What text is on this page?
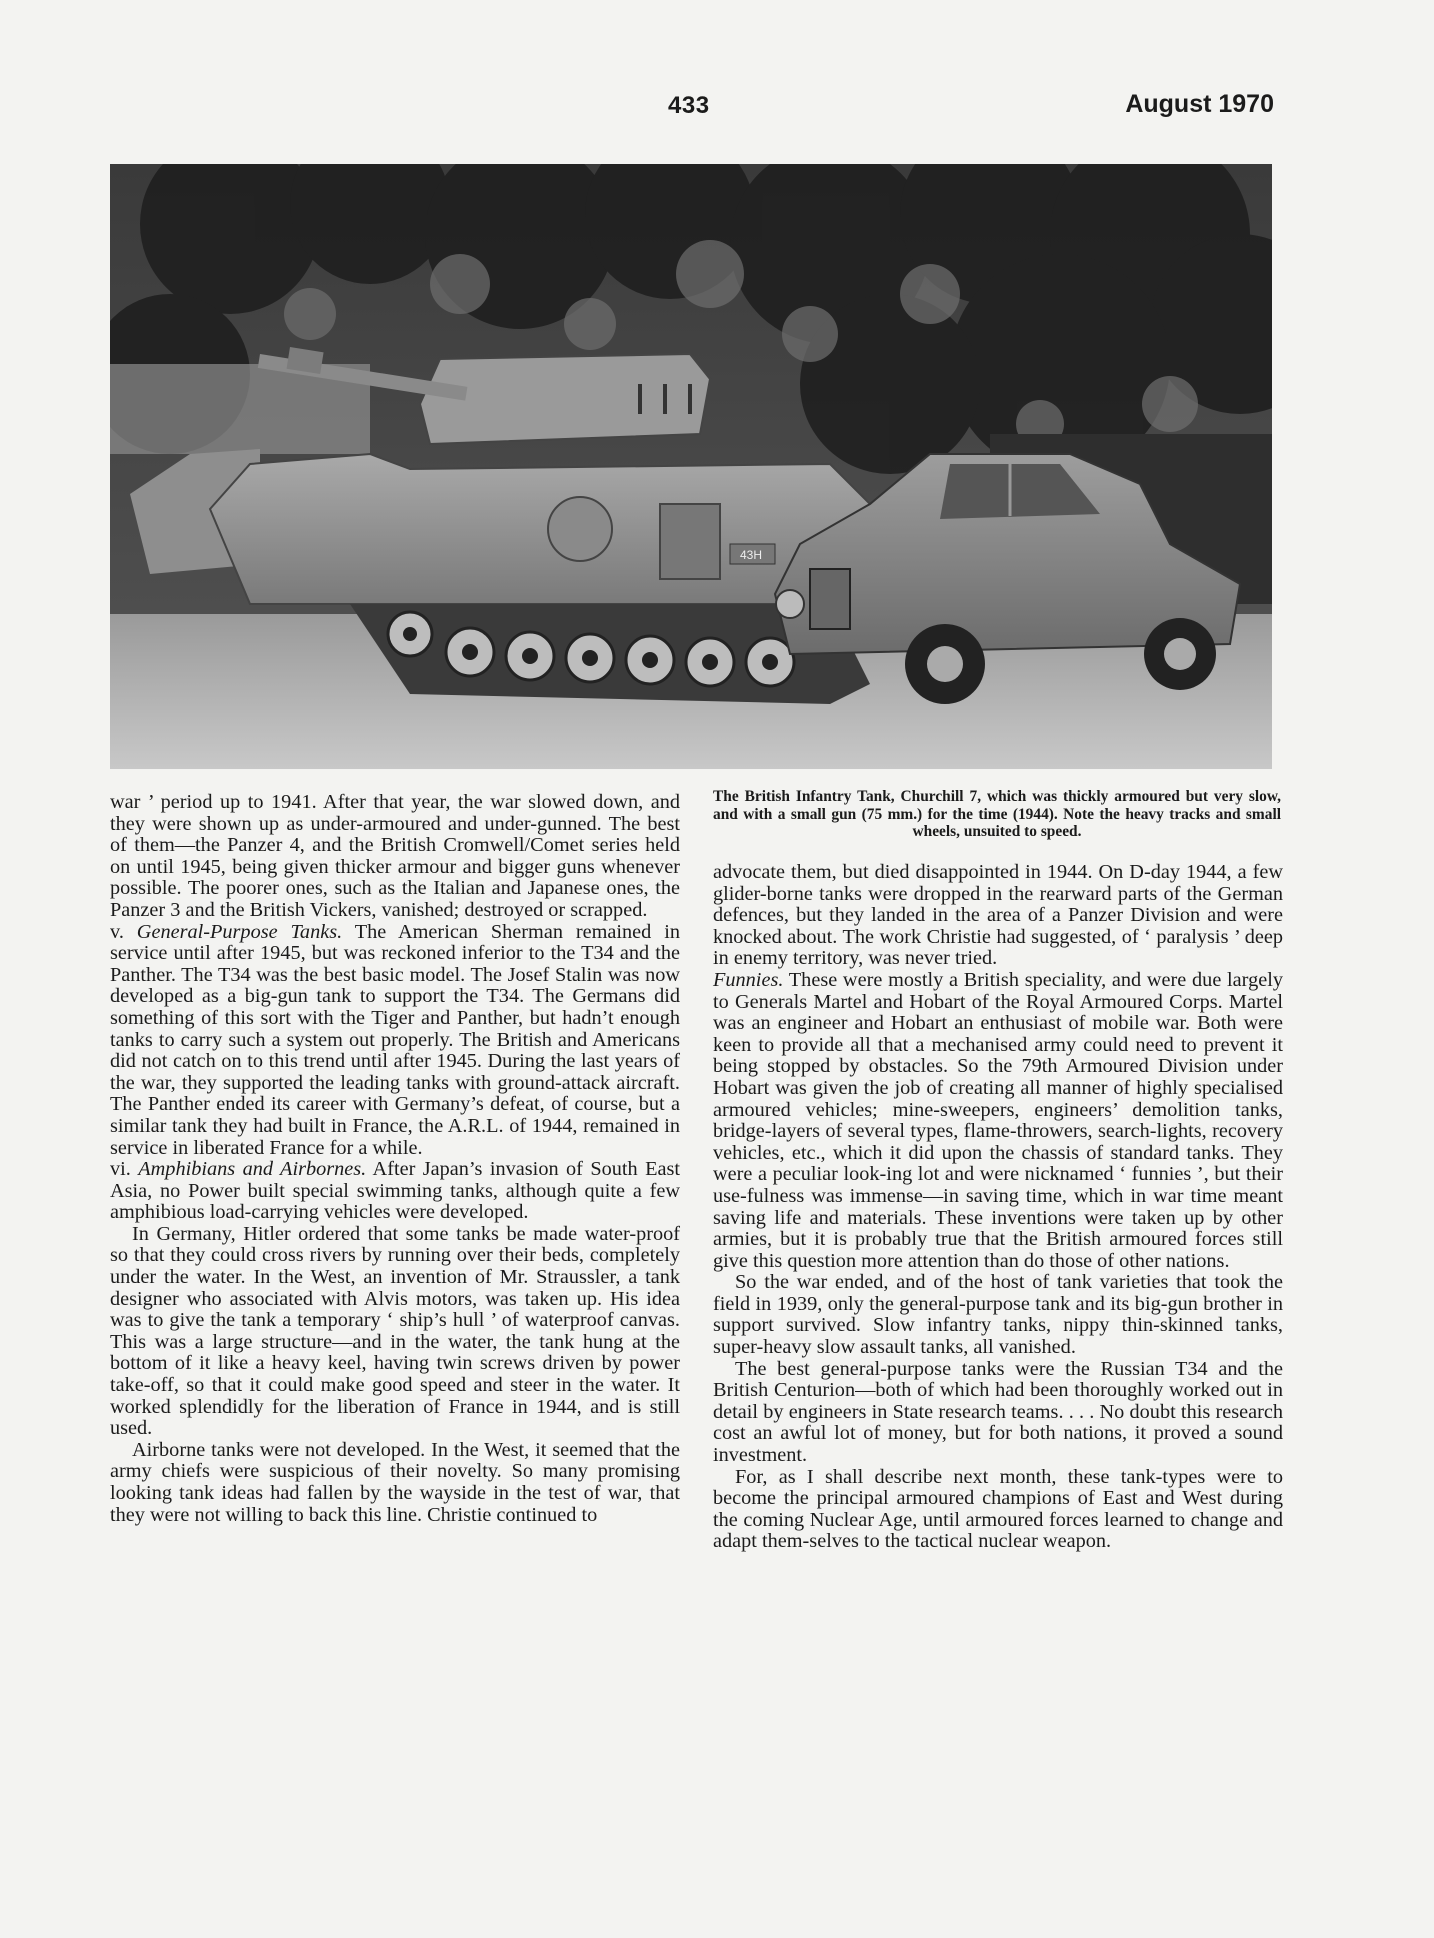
433	August 1970
43H
The British Infantry Tank, Churchill 7, which was thickly armoured but very slow, and with a small gun (75 mm.) for the time (1944). Note the heavy tracks and small wheels, unsuited to speed.

war ’ period up to 1941. After that year, the war slowed down, and they were shown up as under-armoured and under-gunned. The best of them—the Panzer 4, and the British Cromwell/Comet series held on until 1945, being given thicker armour and bigger guns whenever possible. The poorer ones, such as the Italian and Japanese ones, the Panzer 3 and the British Vickers, vanished; destroyed or scrapped.

v. General-Purpose Tanks. The American Sherman remained in service until after 1945, but was reckoned inferior to the T34 and the Panther. The T34 was the best basic model. The Josef Stalin was now developed as a big-gun tank to support the T34. The Germans did something of this sort with the Tiger and Panther, but hadn’t enough tanks to carry such a system out properly. The British and Americans did not catch on to this trend until after 1945. During the last years of the war, they supported the leading tanks with ground-attack aircraft. The Panther ended its career with Germany’s defeat, of course, but a similar tank they had built in France, the A.R.L. of 1944, remained in service in liberated France for a while.

vi. Amphibians and Airbornes. After Japan’s invasion of South East Asia, no Power built special swimming tanks, although quite a few amphibious load-carrying vehicles were developed.

In Germany, Hitler ordered that some tanks be made water-proof so that they could cross rivers by running over their beds, completely under the water. In the West, an invention of Mr. Straussler, a tank designer who associated with Alvis motors, was taken up. His idea was to give the tank a temporary ‘ ship’s hull ’ of waterproof canvas. This was a large structure—and in the water, the tank hung at the bottom of it like a heavy keel, having twin screws driven by power take-off, so that it could make good speed and steer in the water. It worked splendidly for the liberation of France in 1944, and is still used.

Airborne tanks were not developed. In the West, it seemed that the army chiefs were suspicious of their novelty. So many promising looking tank ideas had fallen by the wayside in the test of war, that they were not willing to back this line. Christie continued to

advocate them, but died disappointed in 1944. On D-day 1944, a few glider-borne tanks were dropped in the rearward parts of the German defences, but they landed in the area of a Panzer Division and were knocked about. The work Christie had suggested, of ‘ paralysis ’ deep in enemy territory, was never tried.

Funnies. These were mostly a British speciality, and were due largely to Generals Martel and Hobart of the Royal Armoured Corps. Martel was an engineer and Hobart an enthusiast of mobile war. Both were keen to provide all that a mechanised army could need to prevent it being stopped by obstacles. So the 79th Armoured Division under Hobart was given the job of creating all manner of highly specialised armoured vehicles; mine-sweepers, engineers’ demolition tanks, bridge-layers of several types, flame-throwers, search-lights, recovery vehicles, etc., which it did upon the chassis of standard tanks. They were a peculiar look-ing lot and were nicknamed ‘ funnies ’, but their use-fulness was immense—in saving time, which in war time meant saving life and materials. These inventions were taken up by other armies, but it is probably true that the British armoured forces still give this question more attention than do those of other nations.

So the war ended, and of the host of tank varieties that took the field in 1939, only the general-purpose tank and its big-gun brother in support survived. Slow infantry tanks, nippy thin-skinned tanks, super-heavy slow assault tanks, all vanished.

The best general-purpose tanks were the Russian T34 and the British Centurion—both of which had been thoroughly worked out in detail by engineers in State research teams. . . . No doubt this research cost an awful lot of money, but for both nations, it proved a sound investment.

For, as I shall describe next month, these tank-types were to become the principal armoured champions of East and West during the coming Nuclear Age, until armoured forces learned to change and adapt them-selves to the tactical nuclear weapon.
